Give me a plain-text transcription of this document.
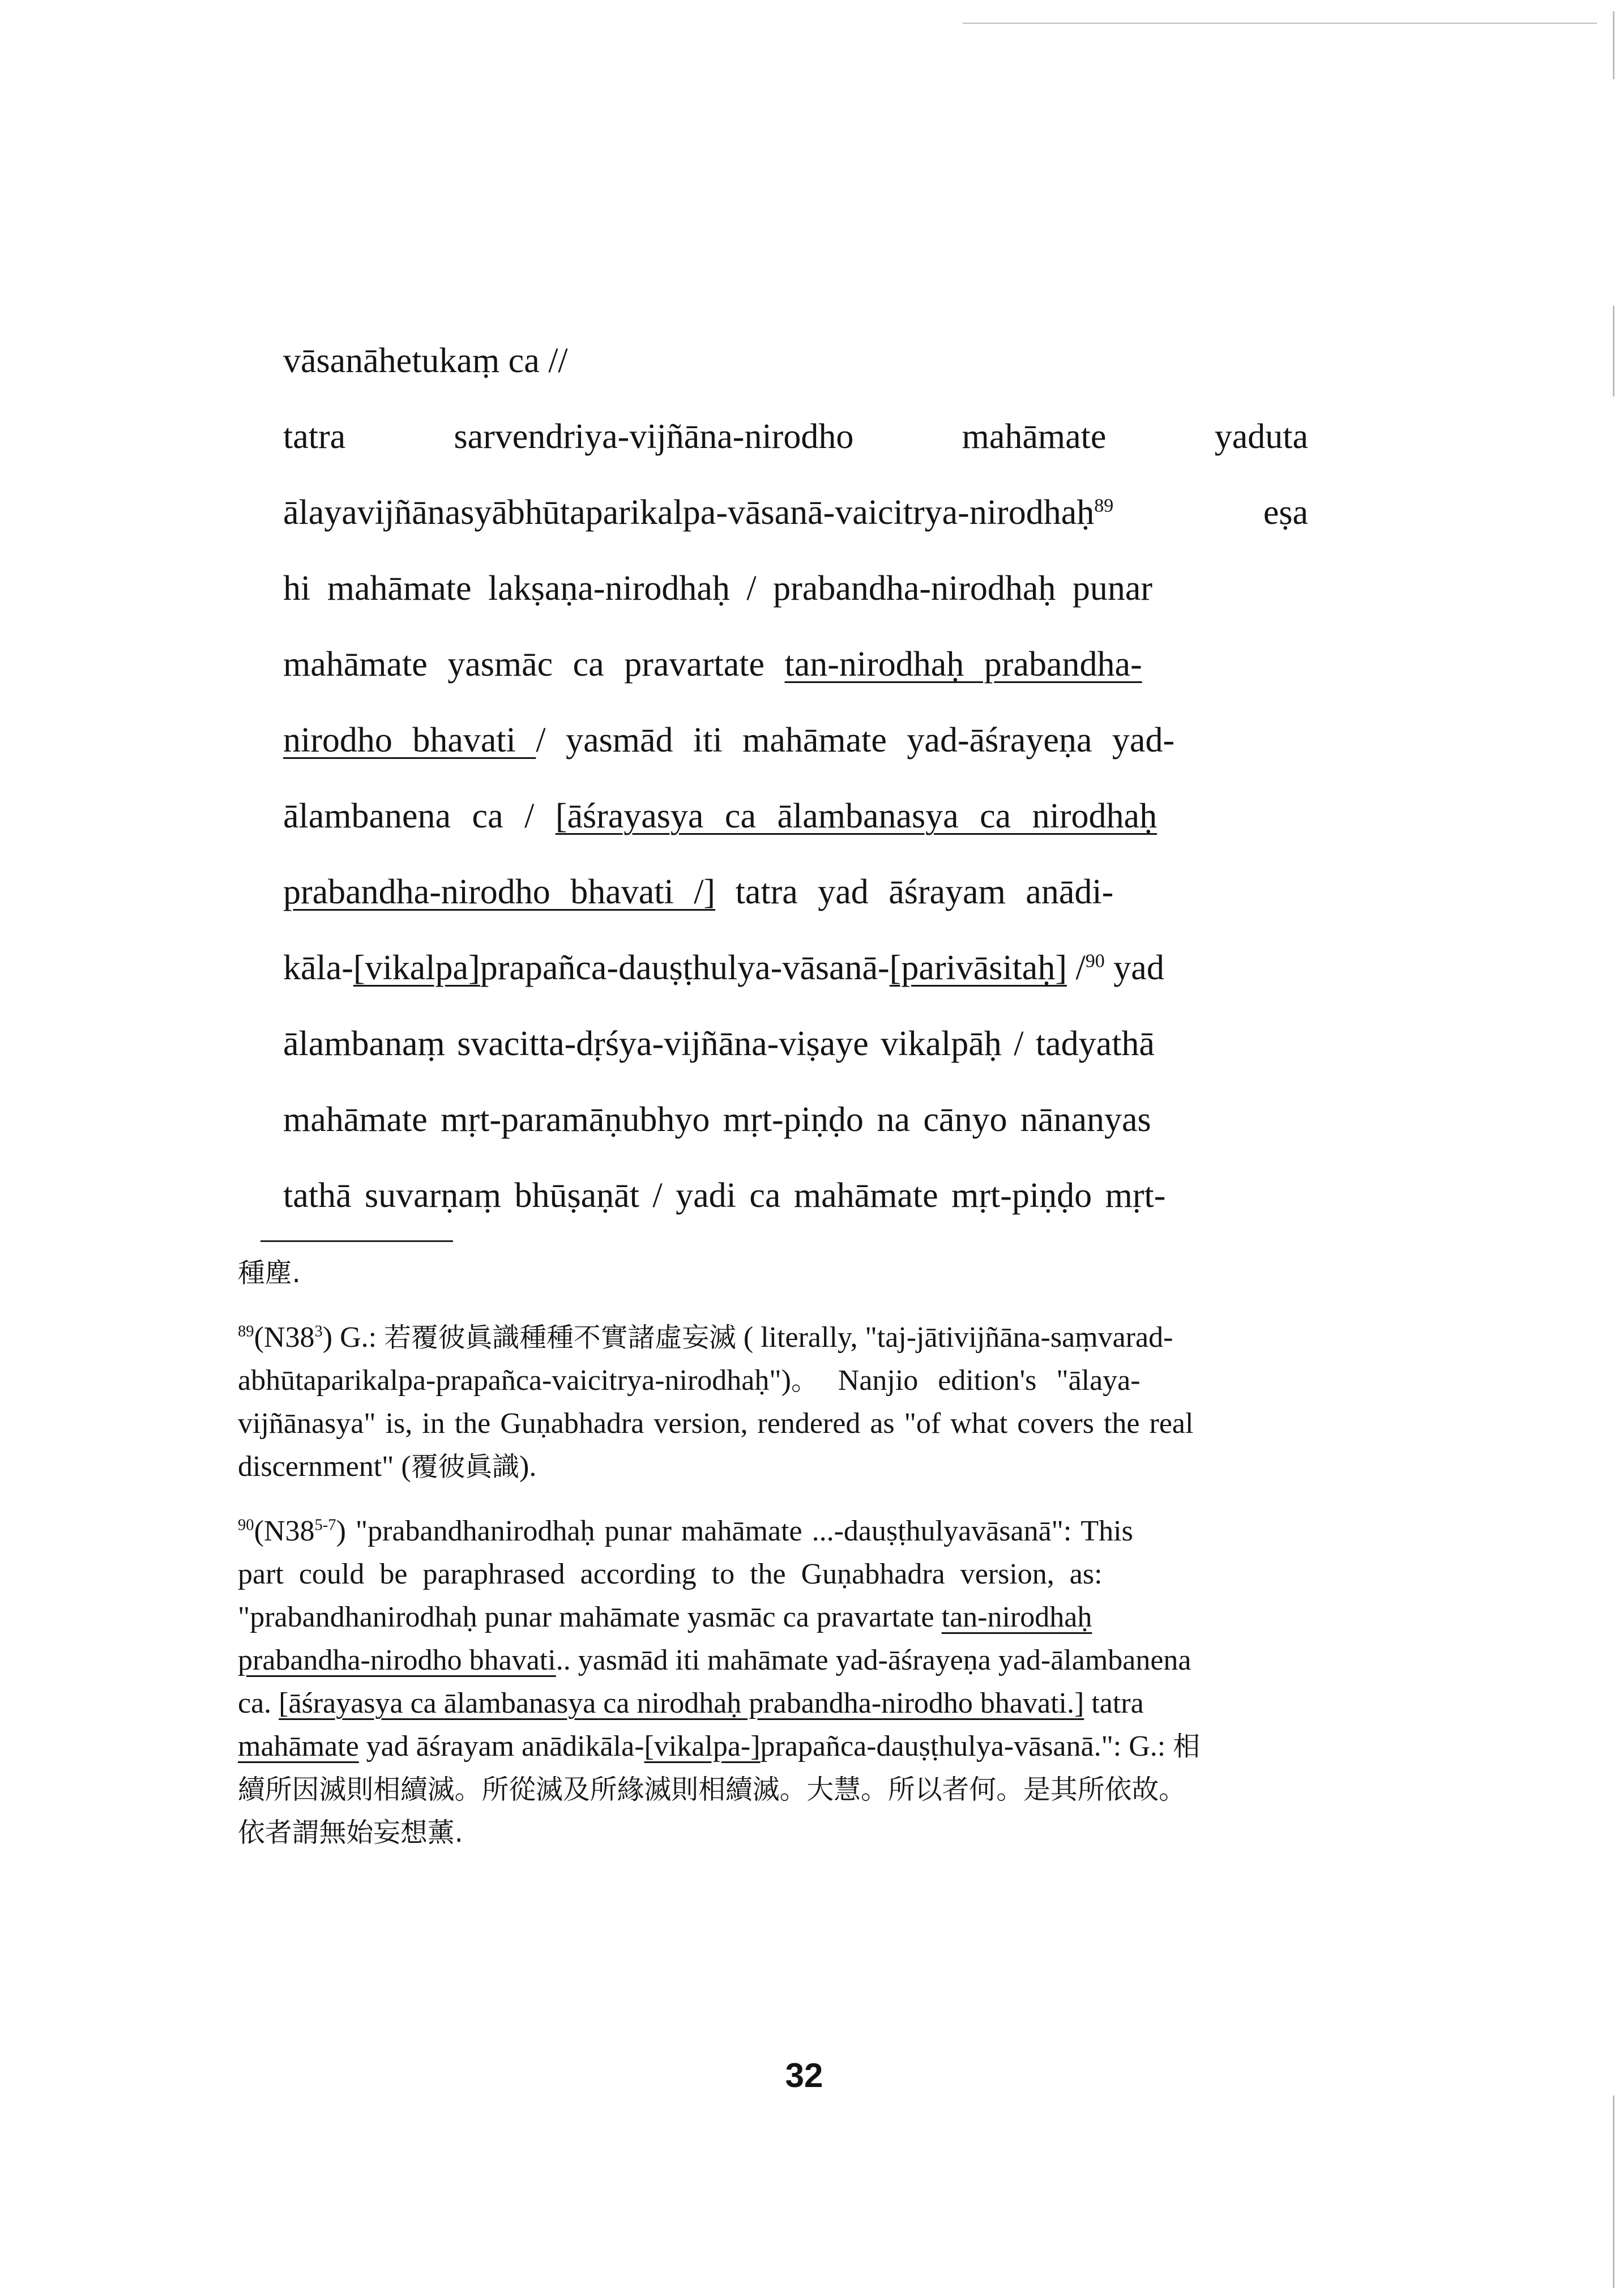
vāsanāhetukaṃ ca //
tatra	sarvendriya-vijñāna-nirodho	mahāmate	yaduta
ālayavijñānasyābhūtaparikalpa-vāsanā-vaicitrya-nirodhaḥ$^{89}$	eṣa
hi mahāmate lakṣaṇa-nirodhaḥ / prabandha-nirodhaḥ punar
mahāmate yasmāc ca pravartate tan-nirodhaḥ prabandha-
nirodho bhavati / yasmād iti mahāmate yad-āśrayeṇa yad-
ālambanena ca / [āśrayasya ca ālambanasya ca nirodhaḥ
prabandha-nirodho bhavati /] tatra yad āśrayam anādi-
kāla-[vikalpa]prapañca-dauṣṭhulya-vāsanā-[parivāsitaḥ] /$^{90}$ yad
ālambanaṃ svacitta-dṛśya-vijñāna-viṣaye vikalpāḥ / tadyathā
mahāmate mṛt-paramāṇubhyo mṛt-piṇḍo na cānyo nānanyas
tathā suvarṇaṃ bhūṣaṇāt / yadi ca mahāmate mṛt-piṇḍo mṛt-
種塵.
$^{89}(N38^3)$ G.: 若覆彼眞識種種不實諸虛妄滅 ( literally, "taj-jātivijñāna-saṃvarad-
abhūtaparikalpa-prapañca-vaicitrya-nirodhaḥ")。 Nanjio edition's "ālaya-
vijñānasya" is, in the Guṇabhadra version, rendered as "of what covers the real
discernment" (覆彼眞識).
$^{90}$(N38$^{5-7}$) "prabandhanirodhaḥ punar mahāmate ...-dauṣṭhulyavāsanā": This
part could be paraphrased according to the Guṇabhadra version, as:
"prabandhanirodhaḥ punar mahāmate yasmāc ca pravartate tan-nirodhaḥ
prabandha-nirodho bhavati.. yasmād iti mahāmate yad-āśrayeṇa yad-ālambanena
ca. [āśrayasya ca ālambanasya ca nirodhaḥ prabandha-nirodho bhavati.] tatra
mahāmate yad āśrayam anādikāla-[vikalpa-]prapañca-dauṣṭhulya-vāsanā.": G.: 相
續所因滅則相續滅。所從滅及所緣滅則相續滅。大慧。所以者何。是其所依故。
依者謂無始妄想薰.
32
